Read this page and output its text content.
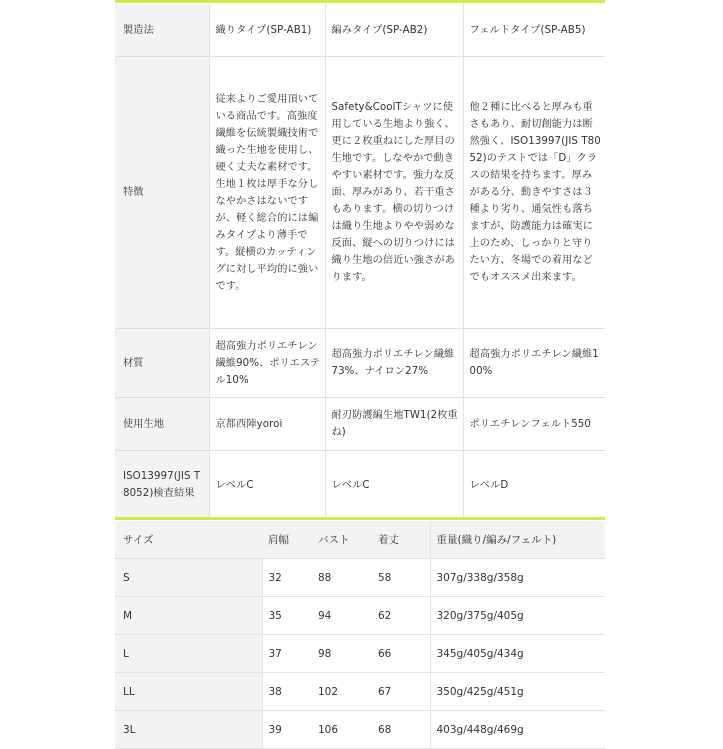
製造法	織りタイプ(SP-AB1)	編みタイプ(SP-AB2)	フェルトタイプ(SP-AB5)
特徴	従来よりご愛用頂いている商品です。高強度繊維を伝統製織技術で織った生地を使用し、硬く丈夫な素材です。生地１枚は厚手な分しなやかさはないですが、軽く総合的には編みタイプより薄手です。縦横のカッティングに対し平均的に強いです。	Safety&CoolTシャツに使用している生地より強く、更に２枚重ねにした厚目の生地です。しなやかで動きやすい素材です。強力な反面、厚みがあり、若干重さもあります。横の切りつけは織り生地よりやや弱めな反面、縦への切りつけには織り生地の倍近い強さがあります。	他２種に比べると厚みも重さもあり、耐切創能力は断然強く、ISO13997(JIS T8052)のテストでは「D」クラスの結果を持ちます。厚みがある分、動きやすさは３種より劣り、通気性も落ちますが、防護能力は確実に上のため、しっかりと守りたい方、冬場での着用などでもオススメ出来ます。
材質	超高強力ポリエチレン繊維90%、ポリエステル10%	超高強力ポリエチレン繊維73%、ナイロン27%	超高強力ポリエチレン繊維100%
使用生地	京都西陣yoroi	耐刃防護編生地TW1(2枚重ね)	ポリエチレンフェルト550
ISO13997(JIS T8052)検査結果	レベルC	レベルC	レベルD
サイズ	肩幅	バスト	着丈	重量(織り/編み/フェルト)
S	32	88	58	307g/338g/358g
M	35	94	62	320g/375g/405g
L	37	98	66	345g/405g/434g
LL	38	102	67	350g/425g/451g
3L	39	106	68	403g/448g/469g
